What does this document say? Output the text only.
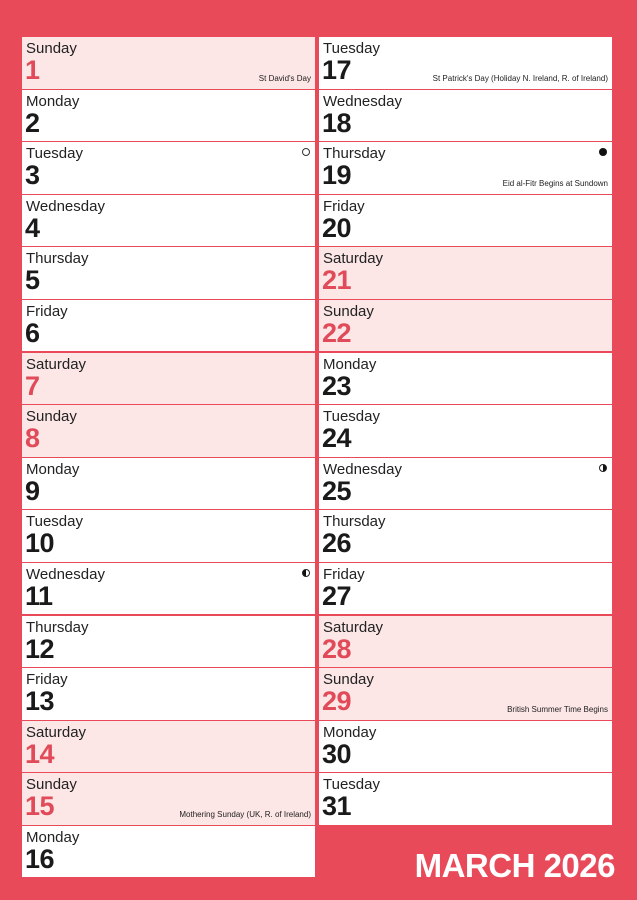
Sunday
1	St David's Day
Monday
2
Tuesday
3
Wednesday
4
Thursday
5
Friday
6
Saturday
7
Sunday
8
Monday
9
Tuesday
10
Wednesday
11
Thursday
12
Friday
13
Saturday
14
Sunday
15	Mothering Sunday (UK, R. of Ireland)
Monday
16
Tuesday
17	St Patrick's Day (Holiday N. Ireland, R. of Ireland)
Wednesday
18
Thursday
19	Eid al-Fitr Begins at Sundown
Friday
20
Saturday
21
Sunday
22
Monday
23
Tuesday
24
Wednesday
25
Thursday
26
Friday
27
Saturday
28
Sunday
29	British Summer Time Begins
Monday
30
Tuesday
31
MARCH 2026
